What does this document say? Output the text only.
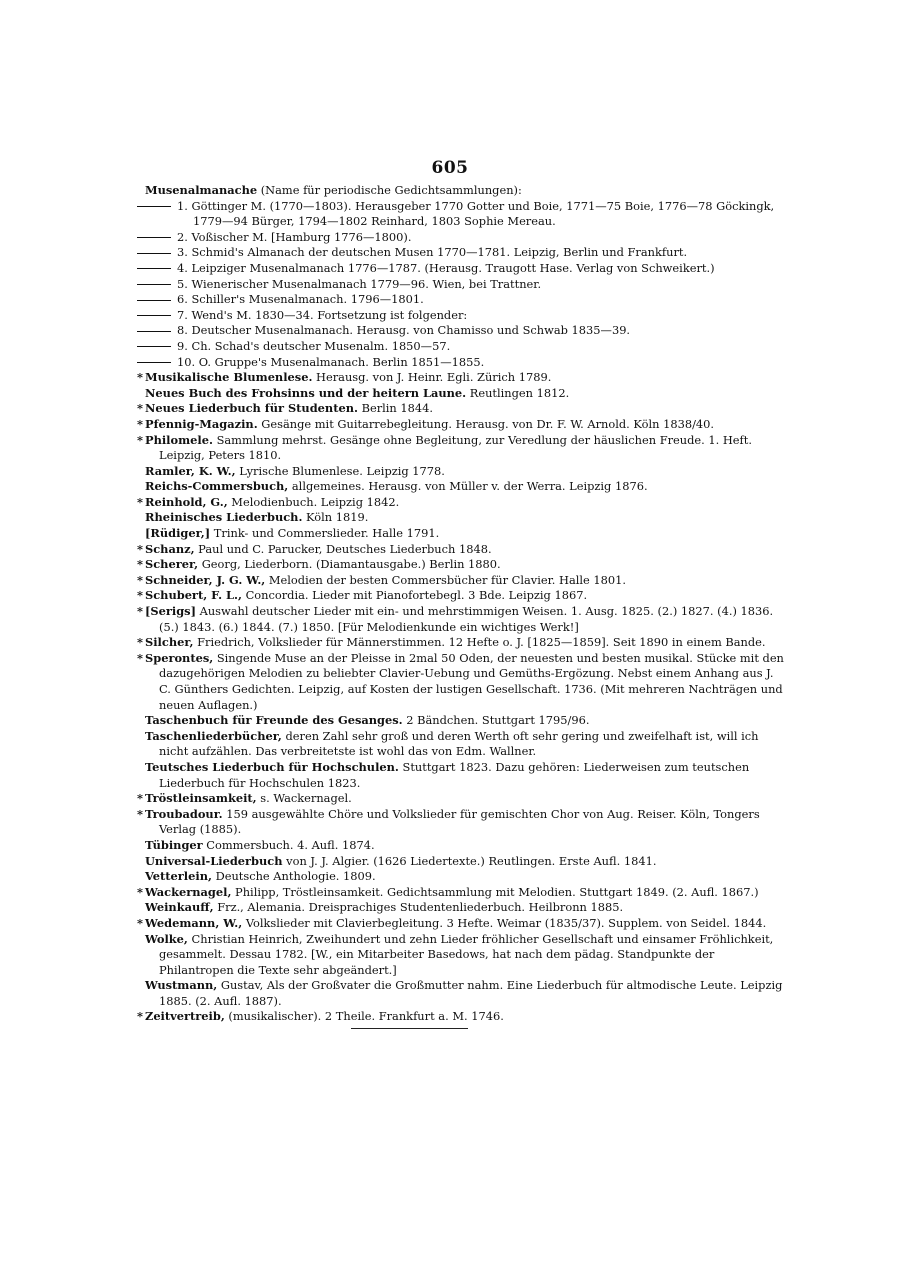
605

Musenalmanache (Name für periodische Gedichtsammlungen):

1. Göttinger M. (1770—1803). Herausgeber 1770 Gotter und Boie, 1771—75 Boie, 1776—78 Göckingk, 1779—94 Bürger, 1794—1802 Reinhard, 1803 Sophie Mereau.

2. Voßischer M. [Hamburg 1776—1800).

3. Schmid's Almanach der deutschen Musen 1770—1781. Leipzig, Berlin und Frankfurt.

4. Leipziger Musenalmanach 1776—1787. (Herausg. Traugott Hase. Verlag von Schweikert.)

5. Wienerischer Musenalmanach 1779—96. Wien, bei Trattner.

6. Schiller's Musenalmanach. 1796—1801.

7. Wend's M. 1830—34. Fortsetzung ist folgender:

8. Deutscher Musenalmanach. Herausg. von Chamisso und Schwab 1835—39.

9. Ch. Schad's deutscher Musenalm. 1850—57.

10. O. Gruppe's Musenalmanach. Berlin 1851—1855.

* Musikalische Blumenlese. Herausg. von J. Heinr. Egli. Zürich 1789.

Neues Buch des Frohsinns und der heitern Laune. Reutlingen 1812.

* Neues Liederbuch für Studenten. Berlin 1844.

* Pfennig-Magazin. Gesänge mit Guitarrebegleitung. Herausg. von Dr. F. W. Arnold. Köln 1838/40.

* Philomele. Sammlung mehrst. Gesänge ohne Begleitung, zur Veredlung der häuslichen Freude. 1. Heft. Leipzig, Peters 1810.

Ramler, K. W., Lyrische Blumenlese. Leipzig 1778.

Reichs-Commersbuch, allgemeines. Herausg. von Müller v. der Werra. Leipzig 1876.

* Reinhold, G., Melodienbuch. Leipzig 1842.

Rheinisches Liederbuch. Köln 1819.

[Rüdiger,] Trink- und Commerslieder. Halle 1791.

* Schanz, Paul und C. Parucker, Deutsches Liederbuch 1848.

* Scherer, Georg, Liederborn. (Diamantausgabe.) Berlin 1880.

* Schneider, J. G. W., Melodien der besten Commersbücher für Clavier. Halle 1801.

* Schubert, F. L., Concordia. Lieder mit Pianofortebegl. 3 Bde. Leipzig 1867.

* [Serigs] Auswahl deutscher Lieder mit ein- und mehrstimmigen Weisen. 1. Ausg. 1825. (2.) 1827. (4.) 1836. (5.) 1843. (6.) 1844. (7.) 1850. [Für Melodienkunde ein wichtiges Werk!]

* Silcher, Friedrich, Volkslieder für Männerstimmen. 12 Hefte o. J. [1825—1859]. Seit 1890 in einem Bande.

* Sperontes, Singende Muse an der Pleisse in 2mal 50 Oden, der neuesten und besten musikal. Stücke mit den dazugehörigen Melodien zu beliebter Clavier-Uebung und Gemüths-Ergözung. Nebst einem Anhang aus J. C. Günthers Gedichten. Leipzig, auf Kosten der lustigen Gesellschaft. 1736. (Mit mehreren Nachträgen und neuen Auflagen.)

Taschenbuch für Freunde des Gesanges. 2 Bändchen. Stuttgart 1795/96.

Taschenliederbücher, deren Zahl sehr groß und deren Werth oft sehr gering und zweifelhaft ist, will ich nicht aufzählen. Das verbreitetste ist wohl das von Edm. Wallner.

Teutsches Liederbuch für Hochschulen. Stuttgart 1823. Dazu gehören: Liederweisen zum teutschen Liederbuch für Hochschulen 1823.

* Tröstleinsamkeit, s. Wackernagel.

* Troubadour. 159 ausgewählte Chöre und Volkslieder für gemischten Chor von Aug. Reiser. Köln, Tongers Verlag (1885).

Tübinger Commersbuch. 4. Aufl. 1874.

Universal-Liederbuch von J. J. Algier. (1626 Liedertexte.) Reutlingen. Erste Aufl. 1841.

Vetterlein, Deutsche Anthologie. 1809.

* Wackernagel, Philipp, Tröstleinsamkeit. Gedichtsammlung mit Melodien. Stuttgart 1849. (2. Aufl. 1867.)

Weinkauff, Frz., Alemania. Dreisprachiges Studentenliederbuch. Heilbronn 1885.

* Wedemann, W., Volkslieder mit Clavierbegleitung. 3 Hefte. Weimar (1835/37). Supplem. von Seidel. 1844.

Wolke, Christian Heinrich, Zweihundert und zehn Lieder fröhlicher Gesellschaft und einsamer Fröhlichkeit, gesammelt. Dessau 1782. [W., ein Mitarbeiter Basedows, hat nach dem pädag. Standpunkte der Philantropen die Texte sehr abgeändert.]

Wustmann, Gustav, Als der Großvater die Großmutter nahm. Eine Liederbuch für altmodische Leute. Leipzig 1885. (2. Aufl. 1887).

* Zeitvertreib, (musikalischer). 2 Theile. Frankfurt a. M. 1746.
